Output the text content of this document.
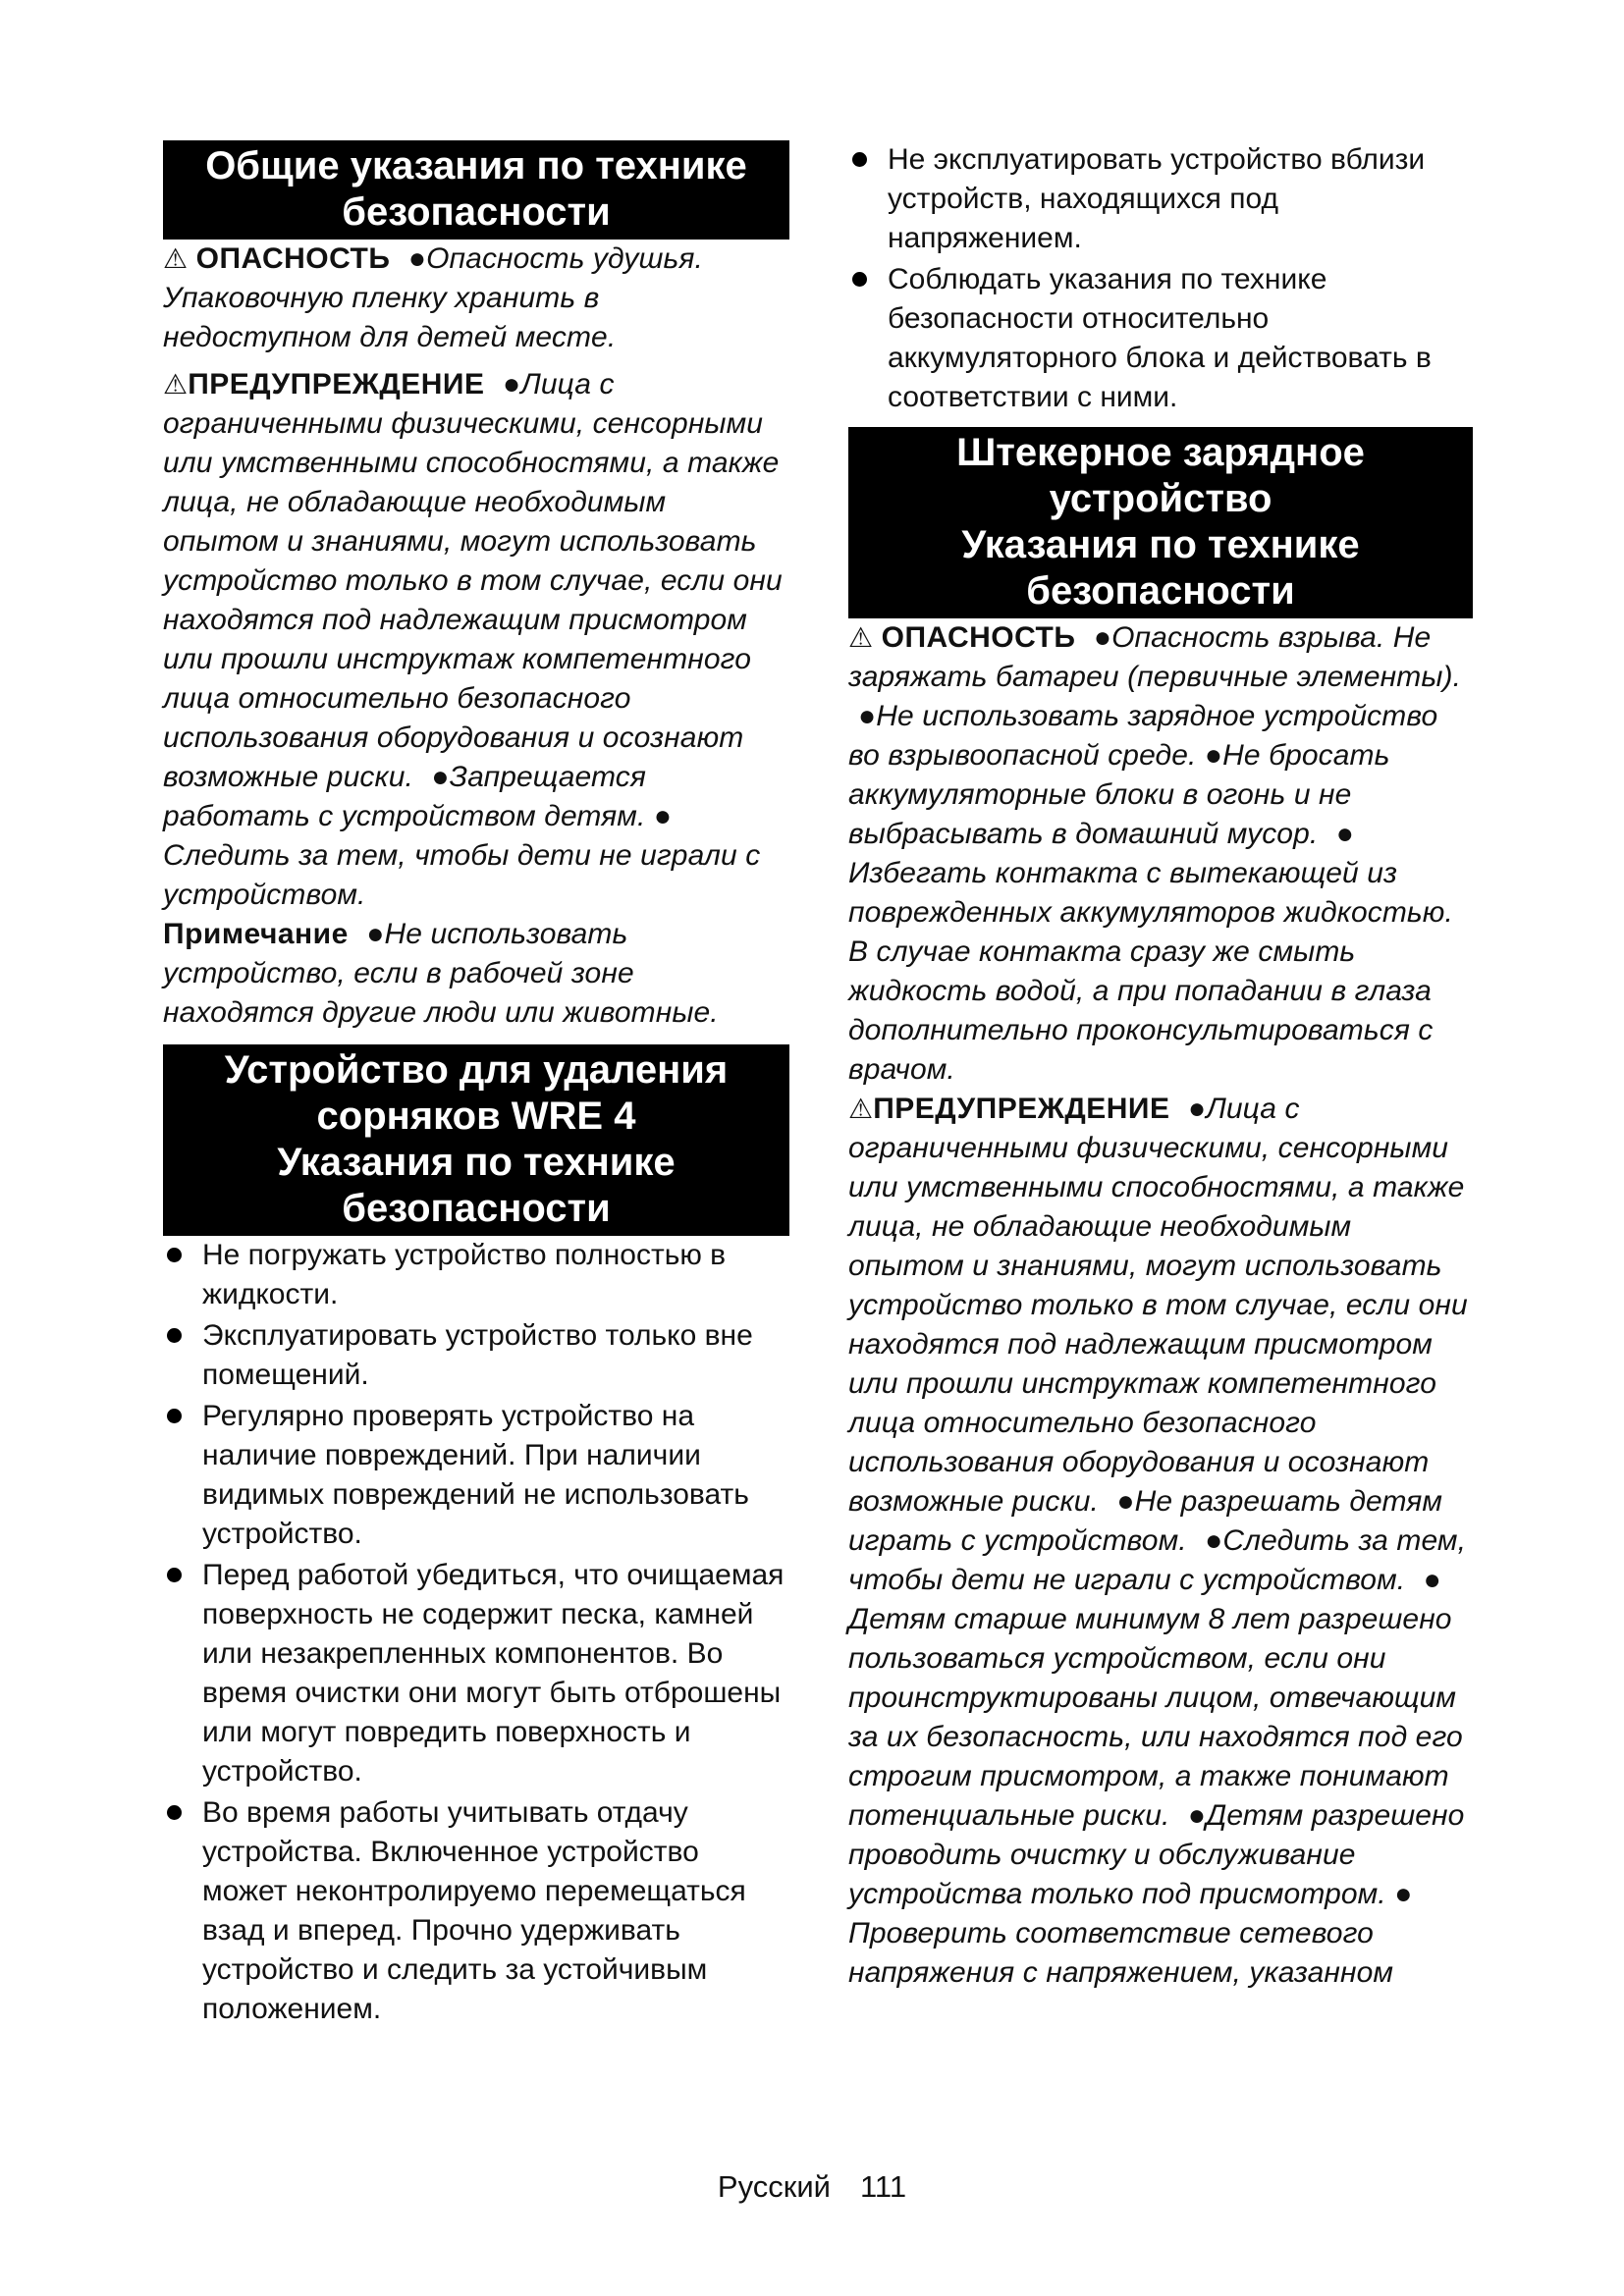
Общие указания по технике
безопасности

⚠ ОПАСНОСТЬ ●Опасность удушья. Упаковочную пленку хранить в недоступном для детей месте.

⚠ПРЕДУПРЕЖДЕНИЕ ●Лица с ограниченными физическими, сенсорными или умственными способностями, а также лица, не обладающие необходимым опытом и знаниями, могут использовать устройство только в том случае, если они находятся под надлежащим присмотром или прошли инструктаж компетентного лица относительно безопасного использования оборудования и осознают возможные риски. ●Запрещается работать с устройством детям. ●Следить за тем, чтобы дети не играли с устройством.

Примечание ●Не использовать устройство, если в рабочей зоне находятся другие люди или животные.

Устройство для удаления
сорняков WRE 4
Указания по технике
безопасности
Не погружать устройство полностью в жидкости.
Эксплуатировать устройство только вне помещений.
Регулярно проверять устройство на наличие повреждений. При наличии видимых повреждений не использовать устройство.
Перед работой убедиться, что очищаемая поверхность не содержит песка, камней или незакрепленных компонентов. Во время очистки они могут быть отброшены или могут повредить поверхность и устройство.
Во время работы учитывать отдачу устройства. Включенное устройство может неконтролируемо перемещаться взад и вперед. Прочно удерживать устройство и следить за устойчивым положением.
Не эксплуатировать устройство вблизи устройств, находящихся под напряжением.
Соблюдать указания по технике безопасности относительно аккумуляторного блока и действовать в соответствии с ними.
Штекерное зарядное
устройство
Указания по технике
безопасности

⚠ ОПАСНОСТЬ ●Опасность взрыва. Не заряжать батареи (первичные элементы). ●Не использовать зарядное устройство во взрывоопасной среде. ●Не бросать аккумуляторные блоки в огонь и не выбрасывать в домашний мусор. ●Избегать контакта с вытекающей из поврежденных аккумуляторов жидкостью. В случае контакта сразу же смыть жидкость водой, а при попадании в глаза дополнительно проконсультироваться с врачом.

⚠ПРЕДУПРЕЖДЕНИЕ ●Лица с ограниченными физическими, сенсорными или умственными способностями, а также лица, не обладающие необходимым опытом и знаниями, могут использовать устройство только в том случае, если они находятся под надлежащим присмотром или прошли инструктаж компетентного лица относительно безопасного использования оборудования и осознают возможные риски. ●Не разрешать детям играть с устройством. ●Следить за тем, чтобы дети не играли с устройством. ●Детям старше минимум 8 лет разрешено пользоваться устройством, если они проинструктированы лицом, отвечающим за их безопасность, или находятся под его строгим присмотром, а также понимают потенциальные риски. ●Детям разрешено проводить очистку и обслуживание устройства только под присмотром. ●Проверить соответствие сетевого напряжения с напряжением, указанном

Русский 111
